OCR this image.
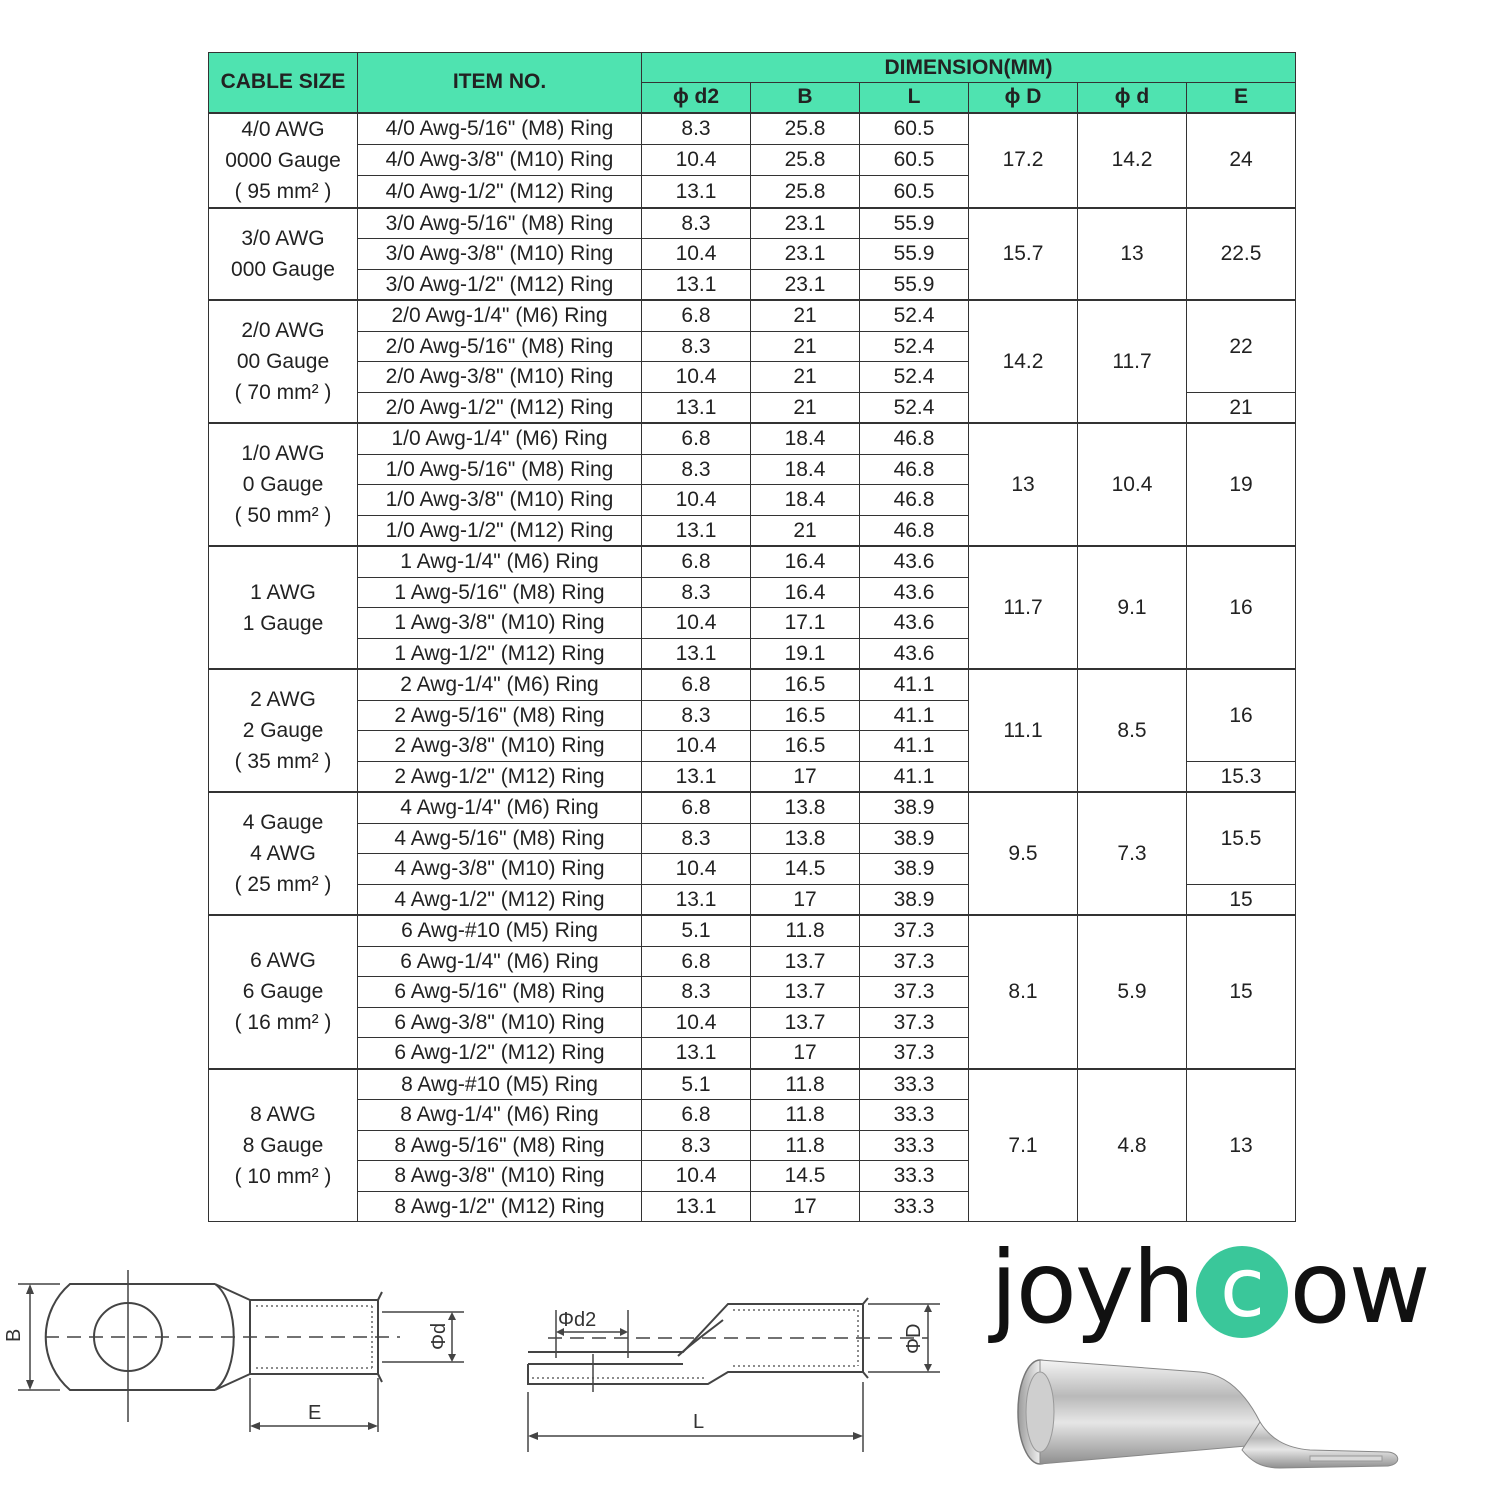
CABLE SIZE	ITEM NO.	DIMENSION(MM)					
		ɸ d2	B	L	ɸ D	ɸ d	E

4/0 AWG
0000 Gauge
( 95 mm² )	4/0 Awg-5/16" (M8) Ring	8.3	25.8	60.5	17.2	14.2	24
	4/0 Awg-3/8" (M10) Ring	10.4	25.8	60.5			
	4/0 Awg-1/2" (M12) Ring	13.1	25.8	60.5			

3/0 AWG
000 Gauge	3/0 Awg-5/16" (M8) Ring	8.3	23.1	55.9	15.7	13	22.5
	3/0 Awg-3/8" (M10) Ring	10.4	23.1	55.9			
	3/0 Awg-1/2" (M12) Ring	13.1	23.1	55.9			

2/0 AWG
00 Gauge
( 70 mm² )	2/0 Awg-1/4" (M6) Ring	6.8	21	52.4	14.2	11.7	22
	2/0 Awg-5/16" (M8) Ring	8.3	21	52.4			
	2/0 Awg-3/8" (M10) Ring	10.4	21	52.4			
	2/0 Awg-1/2" (M12) Ring	13.1	21	52.4			21

1/0 AWG
0 Gauge
( 50 mm² )	1/0 Awg-1/4" (M6) Ring	6.8	18.4	46.8	13	10.4	19
	1/0 Awg-5/16" (M8) Ring	8.3	18.4	46.8			
	1/0 Awg-3/8" (M10) Ring	10.4	18.4	46.8			
	1/0 Awg-1/2" (M12) Ring	13.1	21	46.8			

1 AWG
1 Gauge	1 Awg-1/4" (M6) Ring	6.8	16.4	43.6	11.7	9.1	16
	1 Awg-5/16" (M8) Ring	8.3	16.4	43.6			
	1 Awg-3/8" (M10) Ring	10.4	17.1	43.6			
	1 Awg-1/2" (M12) Ring	13.1	19.1	43.6			

2 AWG
2 Gauge
( 35 mm² )	2 Awg-1/4" (M6) Ring	6.8	16.5	41.1	11.1	8.5	16
	2 Awg-5/16" (M8) Ring	8.3	16.5	41.1			
	2 Awg-3/8" (M10) Ring	10.4	16.5	41.1			
	2 Awg-1/2" (M12) Ring	13.1	17	41.1			15.3

4 Gauge
4 AWG
( 25 mm² )	4 Awg-1/4" (M6) Ring	6.8	13.8	38.9	9.5	7.3	15.5
	4 Awg-5/16" (M8) Ring	8.3	13.8	38.9			
	4 Awg-3/8" (M10) Ring	10.4	14.5	38.9			
	4 Awg-1/2" (M12) Ring	13.1	17	38.9			15

6 AWG
6 Gauge
( 16 mm² )	6 Awg-#10 (M5) Ring	5.1	11.8	37.3	8.1	5.9	15
	6 Awg-1/4" (M6) Ring	6.8	13.7	37.3			
	6 Awg-5/16" (M8) Ring	8.3	13.7	37.3			
	6 Awg-3/8" (M10) Ring	10.4	13.7	37.3			
	6 Awg-1/2" (M12) Ring	13.1	17	37.3			

8 AWG
8 Gauge
( 10 mm² )	8 Awg-#10 (M5) Ring	5.1	11.8	33.3	7.1	4.8	13
	8 Awg-1/4" (M6) Ring	6.8	11.8	33.3			
	8 Awg-5/16" (M8) Ring	8.3	11.8	33.3			
	8 Awg-3/8" (M10) Ring	10.4	14.5	33.3			
	8 Awg-1/2" (M12) Ring	13.1	17	33.3			
B
E
Φd
Φd2
L
ΦD joyh c ow
